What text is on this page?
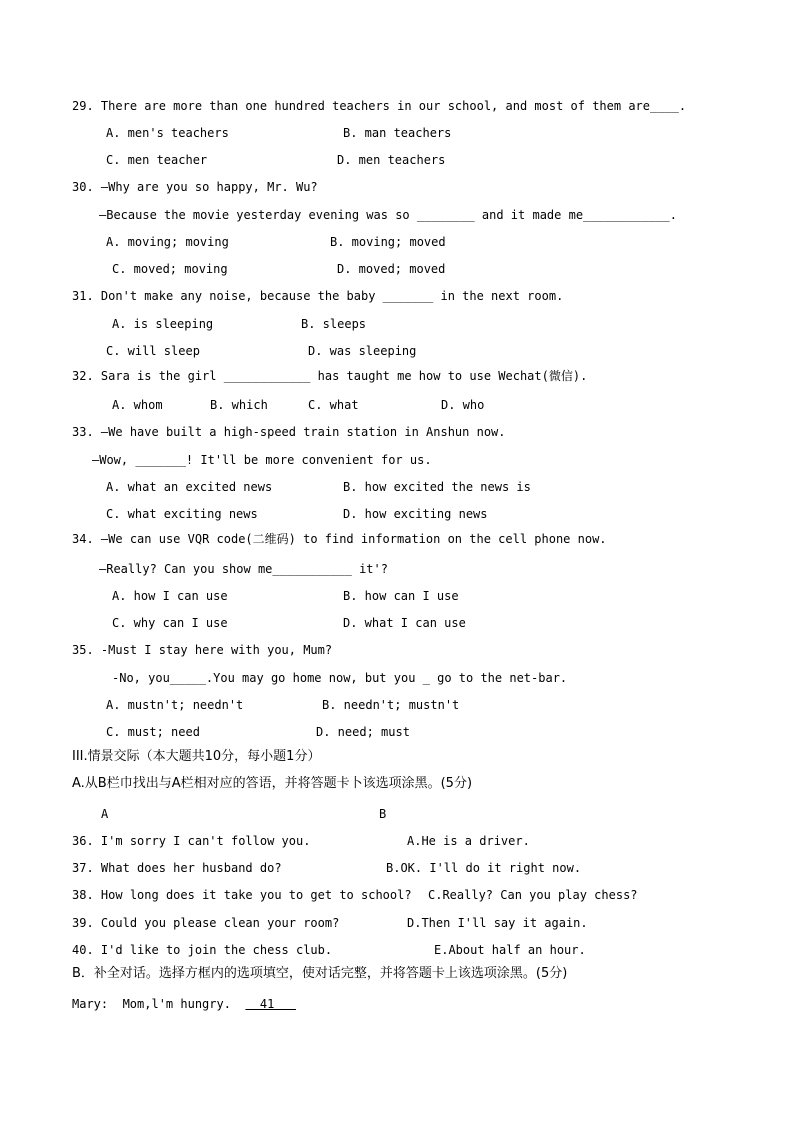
29. There are more than one hundred teachers in our school, and most of them are____.
A. men's teachers	B. man teachers
C. men teacher	D. men teachers
30. —Why are you so happy, Mr. Wu?
—Because the movie yesterday evening was so ________ and it made me____________.
A. moving; moving	B. moving; moved
C. moved; moving	D. moved; moved
31. Don't make any noise, because the baby _______ in the next room.
A. is sleeping	B. sleeps
C. will sleep	D. was sleeping
32. Sara is the girl ____________ has taught me how to use Wechat(微信).
A. whom	B. which	C. what	D. who
33. —We have built a high-speed train station in Anshun now.
—Wow, _______! It'll be more convenient for us.
A. what an excited news	B. how excited the news is
C. what exciting news	D. how exciting news
34. —We can use VQR code(二维码) to find information on the cell phone now.
—Really? Can you show me___________ it'?
A. how I can use	B. how can I use
C. why can I use	D. what I can use
35. -Must I stay here with you, Mum?
-No, you_____.You may go home now, but you _ go to the net-bar.
A. mustn't; needn't	B. needn't; mustn't
C. must; need	D. need; must
III.情景交际（本大题共10分，每小题1分）
A.从B栏巾找出与A栏相对应的答语，并将答题卡卜该选项涂黑。(5分)
A	B
36. I'm sorry I can't follow you.	A.He is a driver.
37. What does her husband do?	B.OK. I'll do it right now.
38. How long does it take you to get to school? C.Really? Can you play chess?
39. Could you please clean your room?	D.Then I'll say it again.
40. I'd like to join the chess club.	E.About half an hour.
B．补全对话。选择方框内的选项填空，使对话完整，并将答题卡上该选项涂黑。(5分)
Mary: Mom,l'm hungry.    41
